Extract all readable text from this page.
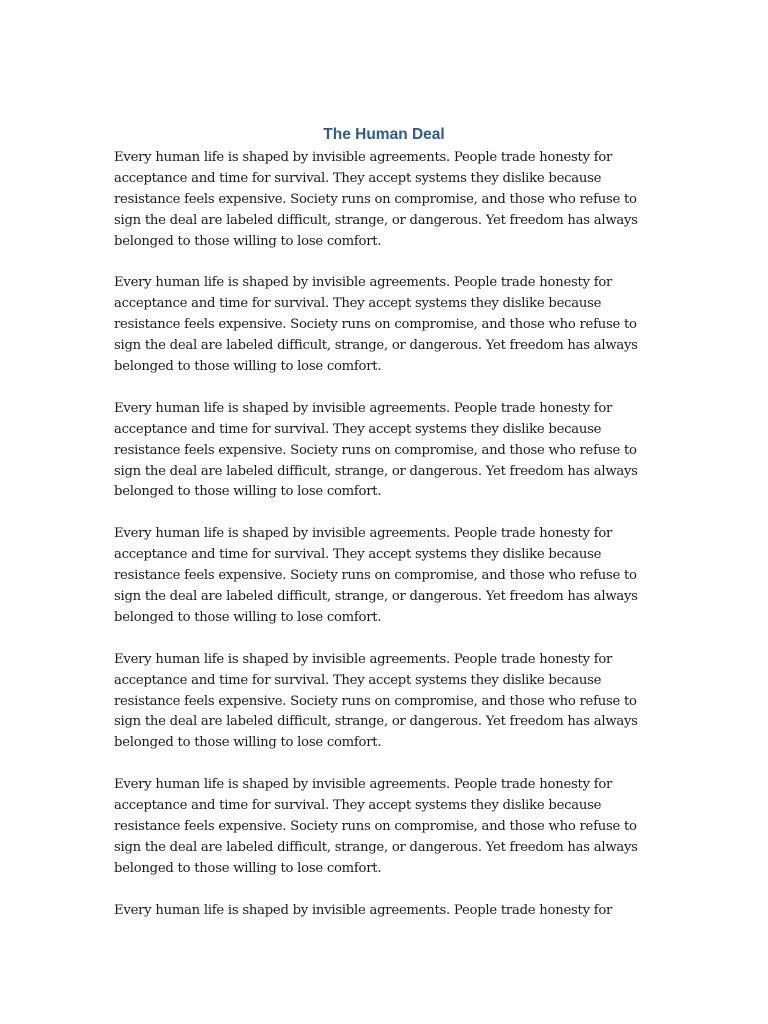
The Human Deal

Every human life is shaped by invisible agreements. People trade honesty for
acceptance and time for survival. They accept systems they dislike because
resistance feels expensive. Society runs on compromise, and those who refuse to
sign the deal are labeled difficult, strange, or dangerous. Yet freedom has always
belonged to those willing to lose comfort.

Every human life is shaped by invisible agreements. People trade honesty for
acceptance and time for survival. They accept systems they dislike because
resistance feels expensive. Society runs on compromise, and those who refuse to
sign the deal are labeled difficult, strange, or dangerous. Yet freedom has always
belonged to those willing to lose comfort.

Every human life is shaped by invisible agreements. People trade honesty for
acceptance and time for survival. They accept systems they dislike because
resistance feels expensive. Society runs on compromise, and those who refuse to
sign the deal are labeled difficult, strange, or dangerous. Yet freedom has always
belonged to those willing to lose comfort.

Every human life is shaped by invisible agreements. People trade honesty for
acceptance and time for survival. They accept systems they dislike because
resistance feels expensive. Society runs on compromise, and those who refuse to
sign the deal are labeled difficult, strange, or dangerous. Yet freedom has always
belonged to those willing to lose comfort.

Every human life is shaped by invisible agreements. People trade honesty for
acceptance and time for survival. They accept systems they dislike because
resistance feels expensive. Society runs on compromise, and those who refuse to
sign the deal are labeled difficult, strange, or dangerous. Yet freedom has always
belonged to those willing to lose comfort.

Every human life is shaped by invisible agreements. People trade honesty for
acceptance and time for survival. They accept systems they dislike because
resistance feels expensive. Society runs on compromise, and those who refuse to
sign the deal are labeled difficult, strange, or dangerous. Yet freedom has always
belonged to those willing to lose comfort.

Every human life is shaped by invisible agreements. People trade honesty for
